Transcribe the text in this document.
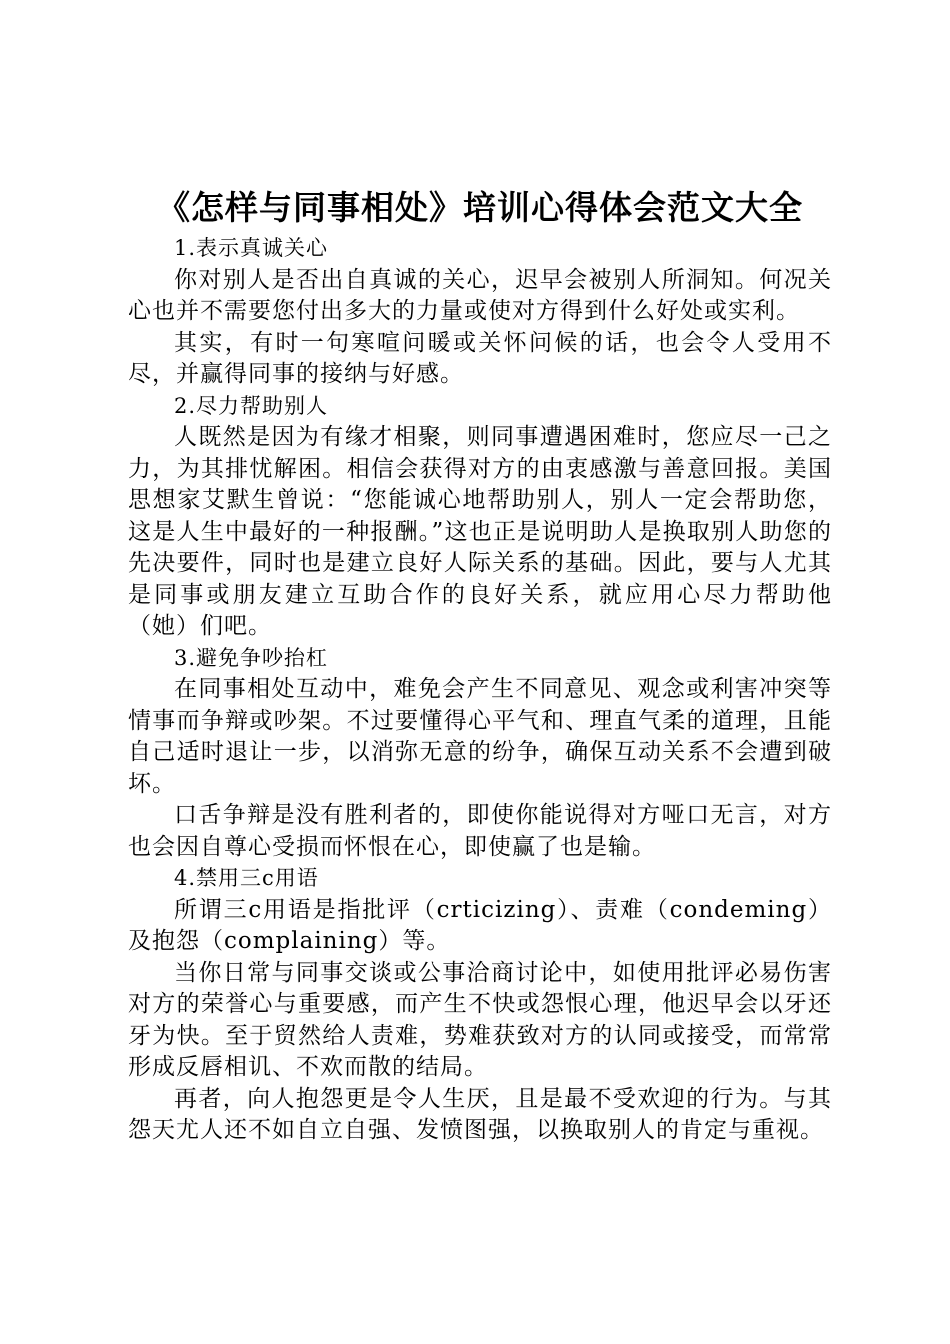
《怎样与同事相处》培训心得体会范文大全

1.表示真诚关心

你对别人是否出自真诚的关心，迟早会被别人所洞知。何况关心也并不需要您付出多大的力量或使对方得到什么好处或实利。

其实，有时一句寒喧问暖或关怀问候的话，也会令人受用不尽，并赢得同事的接纳与好感。

2.尽力帮助别人

人既然是因为有缘才相聚，则同事遭遇困难时，您应尽一己之力，为其排忧解困。相信会获得对方的由衷感激与善意回报。美国思想家艾默生曾说：“您能诚心地帮助别人，别人一定会帮助您，这是人生中最好的一种报酬。”这也正是说明助人是换取别人助您的先决要件，同时也是建立良好人际关系的基础。因此，要与人尤其是同事或朋友建立互助合作的良好关系，就应用心尽力帮助他（她）们吧。

3.避免争吵抬杠

在同事相处互动中，难免会产生不同意见、观念或利害冲突等情事而争辩或吵架。不过要懂得心平气和、理直气柔的道理，且能自己适时退让一步，以消弥无意的纷争，确保互动关系不会遭到破坏。

口舌争辩是没有胜利者的，即使你能说得对方哑口无言，对方也会因自尊心受损而怀恨在心，即使赢了也是输。

4.禁用三c用语

所谓三c用语是指批评（crticizing）、责难（condeming）及抱怨（complaining）等。

当你日常与同事交谈或公事洽商讨论中，如使用批评必易伤害对方的荣誉心与重要感，而产生不快或怨恨心理，他迟早会以牙还牙为快。至于贸然给人责难，势难获致对方的认同或接受，而常常形成反唇相讥、不欢而散的结局。

再者，向人抱怨更是令人生厌，且是最不受欢迎的行为。与其怨天尤人还不如自立自强、发愤图强，以换取别人的肯定与重视。
